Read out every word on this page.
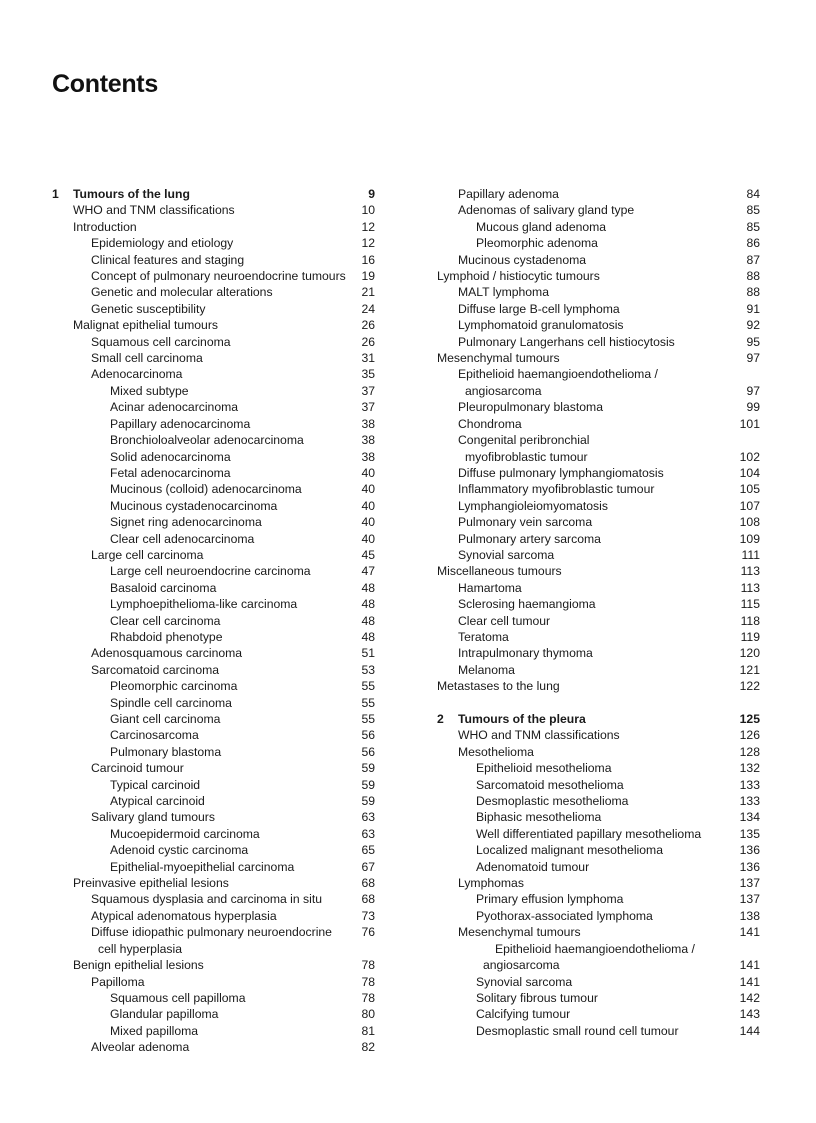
Contents
1 Tumours of the lung	9
WHO and TNM classifications	10
Introduction	12
Epidemiology and etiology	12
Clinical features and staging	16
Concept of pulmonary neuroendocrine tumours 19
Genetic and molecular alterations	21
Genetic susceptibility	24
Malignat epithelial tumours	26
Squamous cell carcinoma	26
Small cell carcinoma	31
Adenocarcinoma	35
Mixed subtype	37
Acinar adenocarcinoma	37
Papillary adenocarcinoma	38
Bronchioloalveolar adenocarcinoma	38
Solid adenocarcinoma	38
Fetal adenocarcinoma	40
Mucinous (colloid) adenocarcinoma	40
Mucinous cystadenocarcinoma	40
Signet ring adenocarcinoma	40
Clear cell adenocarcinoma	40
Large cell carcinoma	45
Large cell neuroendocrine carcinoma	47
Basaloid carcinoma	48
Lymphoepithelioma-like carcinoma	48
Clear cell carcinoma	48
Rhabdoid phenotype	48
Adenosquamous carcinoma	51
Sarcomatoid carcinoma	53
Pleomorphic carcinoma	55
Spindle cell carcinoma	55
Giant cell carcinoma	55
Carcinosarcoma	56
Pulmonary blastoma	56
Carcinoid tumour	59
Typical carcinoid	59
Atypical carcinoid	59
Salivary gland tumours	63
Mucoepidermoid carcinoma	63
Adenoid cystic carcinoma	65
Epithelial-myoepithelial carcinoma	67
Preinvasive epithelial lesions	68
Squamous dysplasia and carcinoma in situ	68
Atypical adenomatous hyperplasia	73
Diffuse idiopathic pulmonary neuroendocrine 76
cell hyperplasia
Benign epithelial lesions	78
Papilloma	78
Squamous cell papilloma	78
Glandular papilloma	80
Mixed papilloma	81
Alveolar adenoma	82
Papillary adenoma	84
Adenomas of salivary gland type	85
Mucous gland adenoma	85
Pleomorphic adenoma	86
Mucinous cystadenoma	87
Lymphoid / histiocytic tumours	88
MALT lymphoma	88
Diffuse large B-cell lymphoma	91
Lymphomatoid granulomatosis	92
Pulmonary Langerhans cell histiocytosis	95
Mesenchymal tumours	97
Epithelioid haemangioendothelioma /
angiosarcoma	97
Pleuropulmonary blastoma	99
Chondroma	101
Congenital peribronchial
myofibroblastic tumour	102
Diffuse pulmonary lymphangiomatosis	104
Inflammatory myofibroblastic tumour	105
Lymphangioleiomyomatosis	107
Pulmonary vein sarcoma	108
Pulmonary artery sarcoma	109
Synovial sarcoma	111
Miscellaneous tumours	113
Hamartoma	113
Sclerosing haemangioma	115
Clear cell tumour	118
Teratoma	119
Intrapulmonary thymoma	120
Melanoma	121
Metastases to the lung	122
2 Tumours of the pleura	125
WHO and TNM classifications	126
Mesothelioma	128
Epithelioid mesothelioma	132
Sarcomatoid mesothelioma	133
Desmoplastic mesothelioma	133
Biphasic mesothelioma	134
Well differentiated papillary mesothelioma	135
Localized malignant mesothelioma	136
Adenomatoid tumour	136
Lymphomas	137
Primary effusion lymphoma	137
Pyothorax-associated lymphoma	138
Mesenchymal tumours	141
Epithelioid haemangioendothelioma /
angiosarcoma	141
Synovial sarcoma	141
Solitary fibrous tumour	142
Calcifying tumour	143
Desmoplastic small round cell tumour	144
